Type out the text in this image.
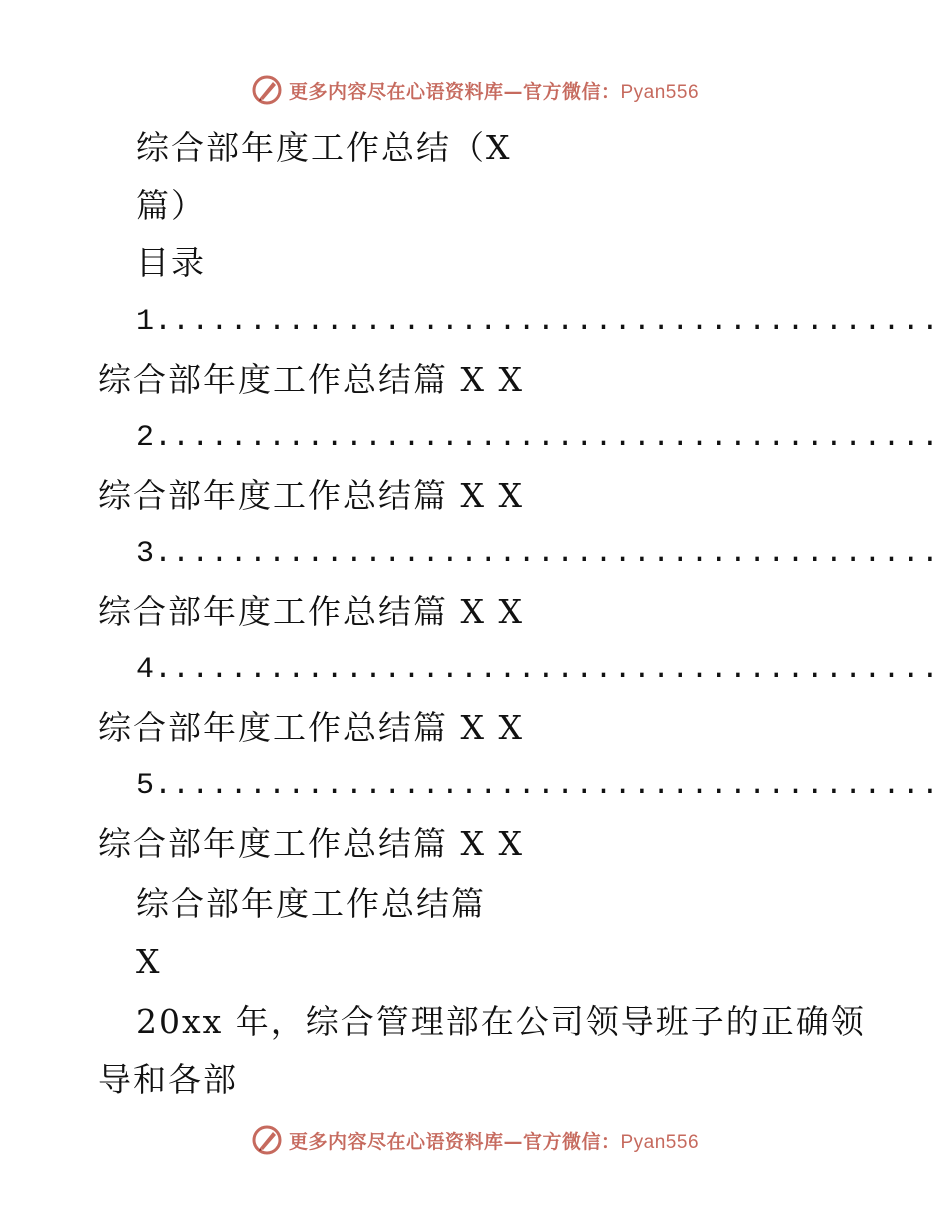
更多内容尽在心语资料库—官方微信：Pyan556
综合部年度工作总结（X
篇）
目录
1.........................................
综合部年度工作总结篇 X X
2.........................................
综合部年度工作总结篇 X X
3.........................................
综合部年度工作总结篇 X X
4.........................................
综合部年度工作总结篇 X X
5.........................................
综合部年度工作总结篇 X X
综合部年度工作总结篇
X
20xx 年，综合管理部在公司领导班子的正确领
导和各部
更多内容尽在心语资料库—官方微信：Pyan556
